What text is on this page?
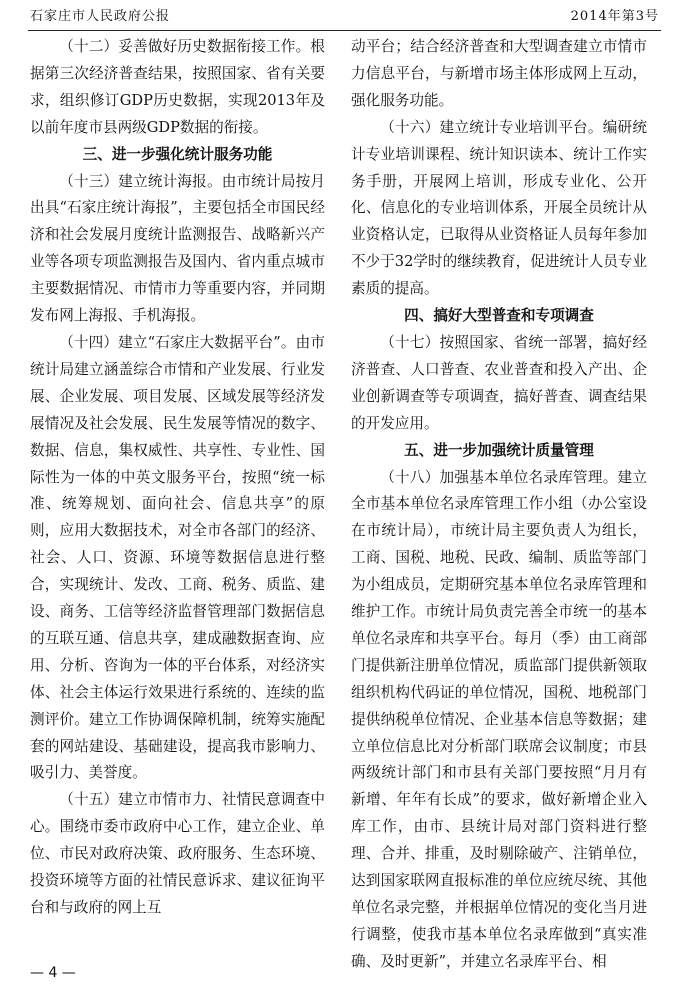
石家庄市人民政府公报	2014年第3号

（十二）妥善做好历史数据衔接工作。根据第三次经济普查结果，按照国家、省有关要求，组织修订GDP历史数据，实现2013年及以前年度市县两级GDP数据的衔接。

三、进一步强化统计服务功能

（十三）建立统计海报。由市统计局按月出具“石家庄统计海报”，主要包括全市国民经济和社会发展月度统计监测报告、战略新兴产业等各项专项监测报告及国内、省内重点城市主要数据情况、市情市力等重要内容，并同期发布网上海报、手机海报。

（十四）建立“石家庄大数据平台”。由市统计局建立涵盖综合市情和产业发展、行业发展、企业发展、项目发展、区域发展等经济发展情况及社会发展、民生发展等情况的数字、数据、信息，集权威性、共享性、专业性、国际性为一体的中英文服务平台，按照“统一标准、统筹规划、面向社会、信息共享”的原则，应用大数据技术，对全市各部门的经济、社会、人口、资源、环境等数据信息进行整合，实现统计、发改、工商、税务、质监、建设、商务、工信等经济监督管理部门数据信息的互联互通、信息共享，建成融数据查询、应用、分析、咨询为一体的平台体系，对经济实体、社会主体运行效果进行系统的、连续的监测评价。建立工作协调保障机制，统筹实施配套的网站建设、基础建设，提高我市影响力、吸引力、美誉度。

（十五）建立市情市力、社情民意调查中心。围绕市委市政府中心工作，建立企业、单位、市民对政府决策、政府服务、生态环境、投资环境等方面的社情民意诉求、建议征询平台和与政府的网上互

动平台；结合经济普查和大型调查建立市情市力信息平台，与新增市场主体形成网上互动，强化服务功能。

（十六）建立统计专业培训平台。编研统计专业培训课程、统计知识读本、统计工作实务手册，开展网上培训，形成专业化、公开化、信息化的专业培训体系，开展全员统计从业资格认定，已取得从业资格证人员每年参加不少于32学时的继续教育，促进统计人员专业素质的提高。

四、搞好大型普查和专项调查

（十七）按照国家、省统一部署，搞好经济普查、人口普查、农业普查和投入产出、企业创新调查等专项调查，搞好普查、调查结果的开发应用。

五、进一步加强统计质量管理

（十八）加强基本单位名录库管理。建立全市基本单位名录库管理工作小组（办公室设在市统计局），市统计局主要负责人为组长，工商、国税、地税、民政、编制、质监等部门为小组成员，定期研究基本单位名录库管理和维护工作。市统计局负责完善全市统一的基本单位名录库和共享平台。每月（季）由工商部门提供新注册单位情况，质监部门提供新领取组织机构代码证的单位情况，国税、地税部门提供纳税单位情况、企业基本信息等数据；建立单位信息比对分析部门联席会议制度；市县两级统计部门和市县有关部门要按照“月月有新增、年年有长成”的要求，做好新增企业入库工作，由市、县统计局对部门资料进行整理、合并、排重，及时剔除破产、注销单位，达到国家联网直报标准的单位应统尽统、其他单位名录完整，并根据单位情况的变化当月进行调整，使我市基本单位名录库做到“真实准确、及时更新”，并建立名录库平台、相

— 4 —
